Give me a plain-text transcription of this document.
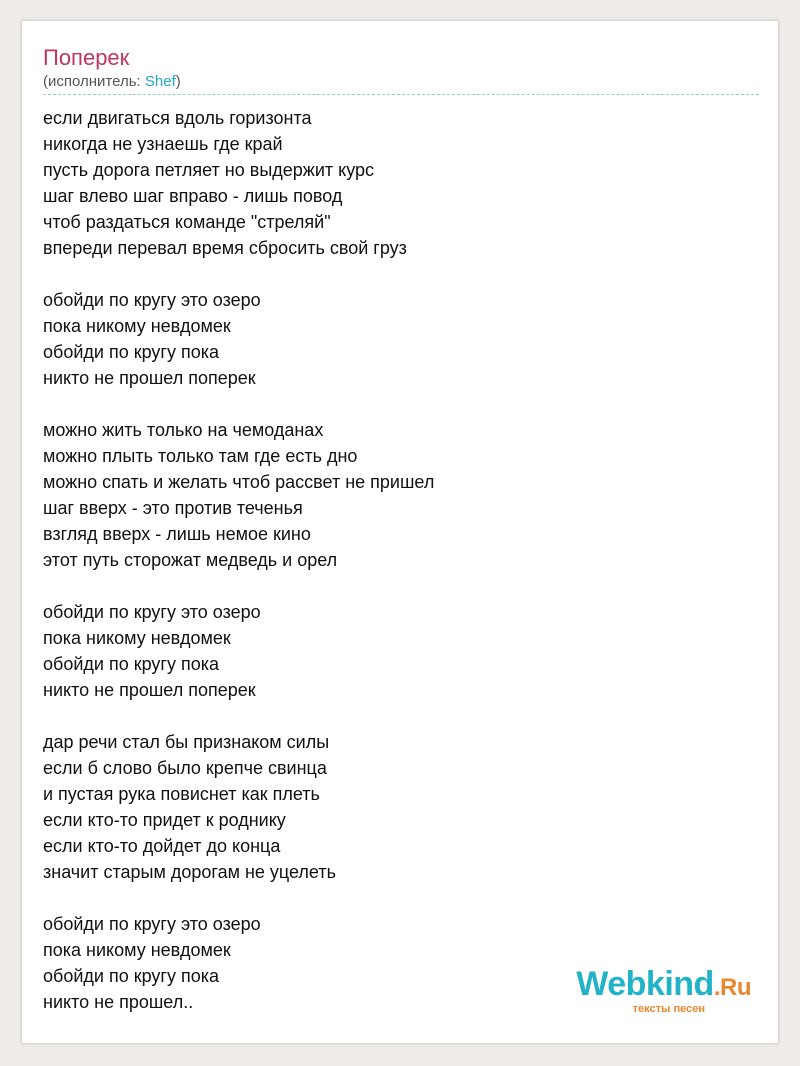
Поперек
(исполнитель: Shef)
если двигаться вдоль горизонта
никогда не узнаешь где край
пусть дорога петляет но выдержит курс
шаг влево шаг вправо - лишь повод
чтоб раздаться команде "стреляй"
впереди перевал время сбросить свой груз
обойди по кругу это озеро
пока никому невдомек
обойди по кругу пока
никто не прошел поперек
можно жить только на чемоданах
можно плыть только там где есть дно
можно спать и желать чтоб рассвет не пришел
шаг вверх - это против теченья
взгляд вверх - лишь немое кино
этот путь сторожат медведь и орел
обойди по кругу это озеро
пока никому невдомек
обойди по кругу пока
никто не прошел поперек
дар речи стал бы признаком силы
если б слово было крепче свинца
и пустая рука повиснет как плеть
если кто-то придет к роднику
если кто-то дойдет до конца
значит старым дорогам не уцелеть
обойди по кругу это озеро
пока никому невдомек
обойди по кругу пока
никто не прошел..	Webkind.Ru
тексты песен
